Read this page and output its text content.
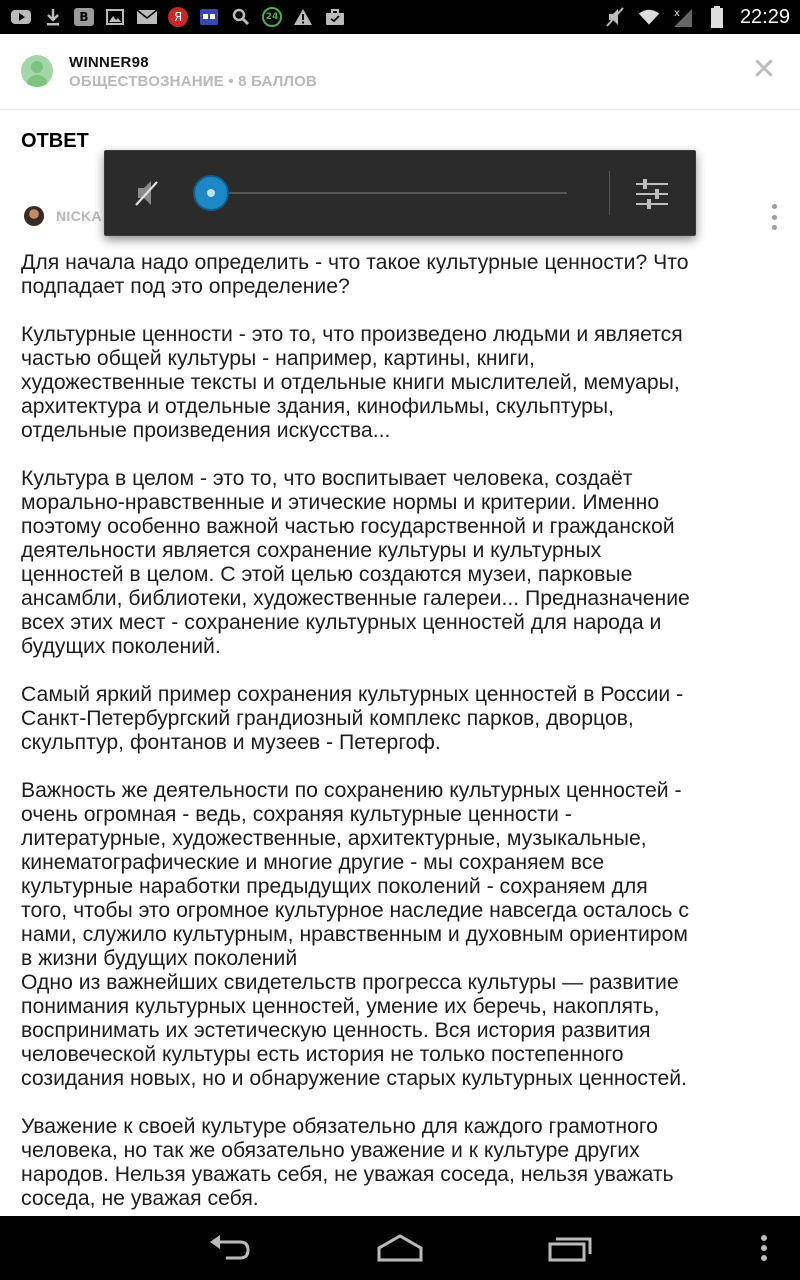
В	Я	24	x	22:29
WINNER98
ОБЩЕСТВОЗНАНИЕ • 8 БАЛЛОВ	✕
ОТВЕТ
NICKA

Для начала надо определить - что такое культурные ценности? Что

подпадает под это определение?

Культурные ценности - это то, что произведено людьми и является

частью общей культуры - например, картины, книги,

художественные тексты и отдельные книги мыслителей, мемуары,

архитектура и отдельные здания, кинофильмы, скульптуры,

отдельные произведения искусства...

Культура в целом - это то, что воспитывает человека, создаёт

морально-нравственные и этические нормы и критерии. Именно

поэтому особенно важной частью государственной и гражданской

деятельности является сохранение культуры и культурных

ценностей в целом. С этой целью создаются музеи, парковые

ансамбли, библиотеки, художественные галереи... Предназначение

всех этих мест - сохранение культурных ценностей для народа и

будущих поколений.

Самый яркий пример сохранения культурных ценностей в России -

Санкт-Петербургский грандиозный комплекс парков, дворцов,

скульптур, фонтанов и музеев - Петергоф.

Важность же деятельности по сохранению культурных ценностей -

очень огромная - ведь, сохраняя культурные ценности -

литературные, художественные, архитектурные, музыкальные,

кинематографические и многие другие - мы сохраняем все

культурные наработки предыдущих поколений - сохраняем для

того, чтобы это огромное культурное наследие навсегда осталось с

нами, служило культурным, нравственным и духовным ориентиром

в жизни будущих поколений

Одно из важнейших свидетельств прогресса культуры — развитие

понимания культурных ценностей, умение их беречь, накоплять,

воспринимать их эстетическую ценность. Вся история развития

человеческой культуры есть история не только постепенного

созидания новых, но и обнаружение старых культурных ценностей.

Уважение к своей культуре обязательно для каждого грамотного

человека, но так же обязательно уважение и к культуре других

народов. Нельзя уважать себя, не уважая соседа, нельзя уважать

соседа, не уважая себя.
